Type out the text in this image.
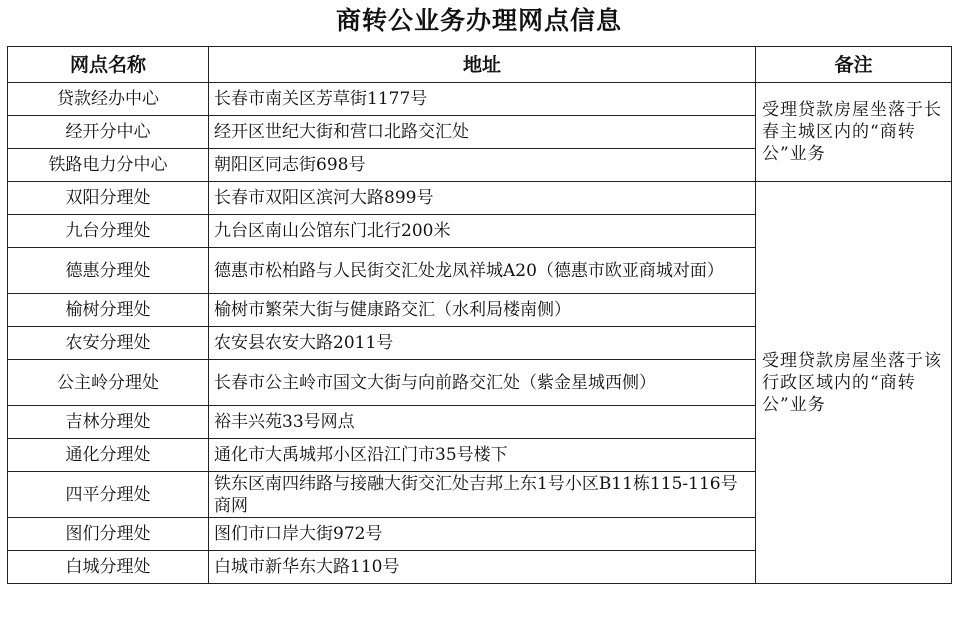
商转公业务办理网点信息
网点名称	地址	备注
贷款经办中心	长春市南关区芳草街1177号	受理贷款房屋坐落于长春主城区内的“商转公”业务
经开分中心	经开区世纪大街和营口北路交汇处	
铁路电力分中心	朝阳区同志街698号	
双阳分理处	长春市双阳区滨河大路899号	受理贷款房屋坐落于该行政区域内的“商转公”业务
九台分理处	九台区南山公馆东门北行200米	
德惠分理处	德惠市松柏路与人民街交汇处龙凤祥城A20（德惠市欧亚商城对面）	
榆树分理处	榆树市繁荣大街与健康路交汇（水利局楼南侧）	
农安分理处	农安县农安大路2011号	
公主岭分理处	长春市公主岭市国文大街与向前路交汇处（紫金星城西侧）	
吉林分理处	裕丰兴苑33号网点	
通化分理处	通化市大禹城邦小区沿江门市35号楼下	
四平分理处	铁东区南四纬路与接融大街交汇处吉邦上东1号小区B11栋115-116号商网	
图们分理处	图们市口岸大街972号	
白城分理处	白城市新华东大路110号	
